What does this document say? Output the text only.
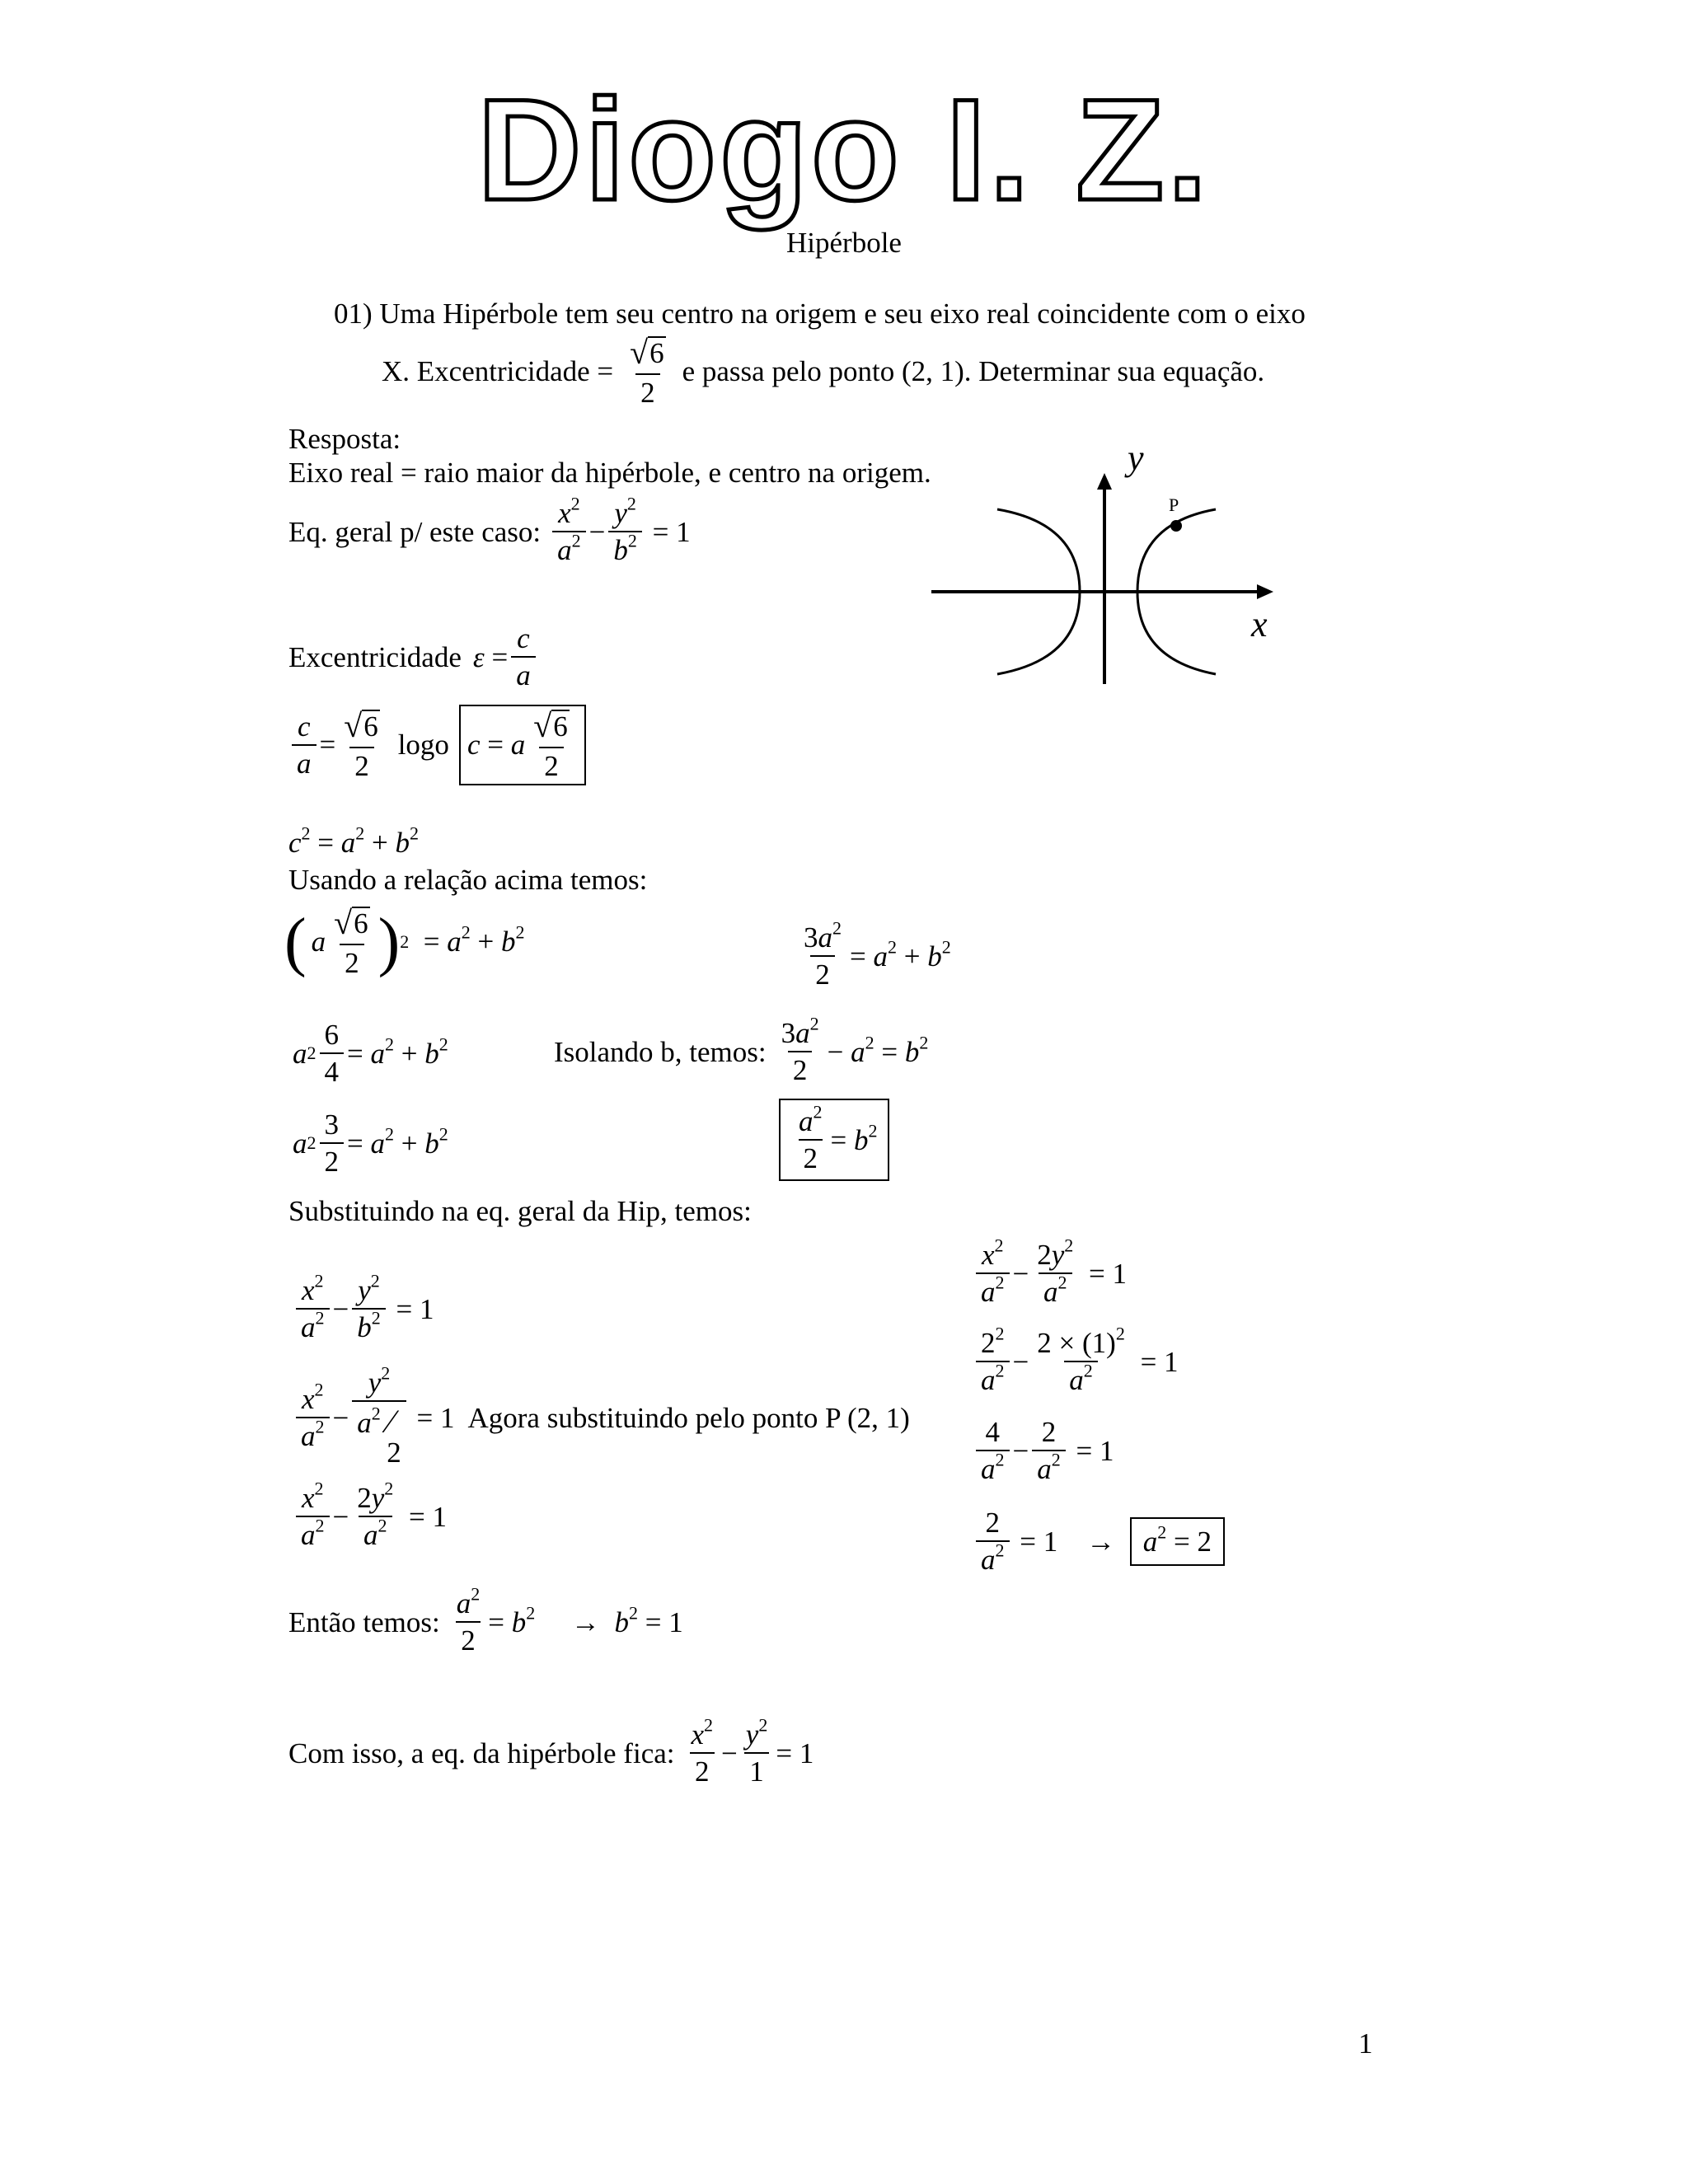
Diogo I. Z.
Hipérbole
01) Uma Hipérbole tem seu centro na origem e seu eixo real coincidente com o eixo
X. Excentricidade = $\frac{√ 6}{2}$ e passa pelo ponto (2, 1). Determinar sua equação.
Resposta:
Eixo real = raio maior da hipérbole, e centro na origem.
Eq. geral p/ este caso: $\frac{x^2}{a^2} - \frac{y^2}{b^2} = 1$
Excentricidade $\varepsilon = \frac{c}{a}$
$\frac{c}{a} = \frac{√ 6}{2}$ logo c = a $\frac{√ 6}{2}$
$c^2 = a^2 + b^2$
Usando a relação acima temos:
( a $\frac{√ 6}{2}$ ) $2 = a^2 + b^2$
a $2 \frac{6}{4} = a^2 + b^2$
a $2 \frac{3}{2} = a^2 + b^2$
$\frac{3a^2}{2} = a^2 + b^2$
Isolando b, temos: $\frac{3a^2}{2} - a^2 = b^2$
$\frac{a^2}{2} = b^2$
Substituindo na eq. geral da Hip, temos:
$\frac{x^2}{a^2} - \frac{y^2}{b^2} = 1$
$\frac{x^2}{a^2}$ −
$y^2$
$a^2$ ⁄
2
= 1 Agora substituindo pelo ponto P (2, 1)
$\frac{x^2}{a^2} - \frac{2y^2}{a^2} = 1$
$\frac{x^2}{a^2} - \frac{2y^2}{a^2} = 1$
$\frac{2^2}{a^2} - \frac{2 \times (1)^2}{a^2} = 1$
$\frac{4}{a^2} - \frac{2}{a^2} = 1$
$\frac{2}{a^2} = 1$    → $a^2 = 2$
Então temos: $\frac{a^2}{2} = b^2$     →  $b^2 = 1$
Com isso, a eq. da hipérbole fica: $\frac{x^2}{2} - \frac{y^2}{1} = 1$
P
y
x
1
